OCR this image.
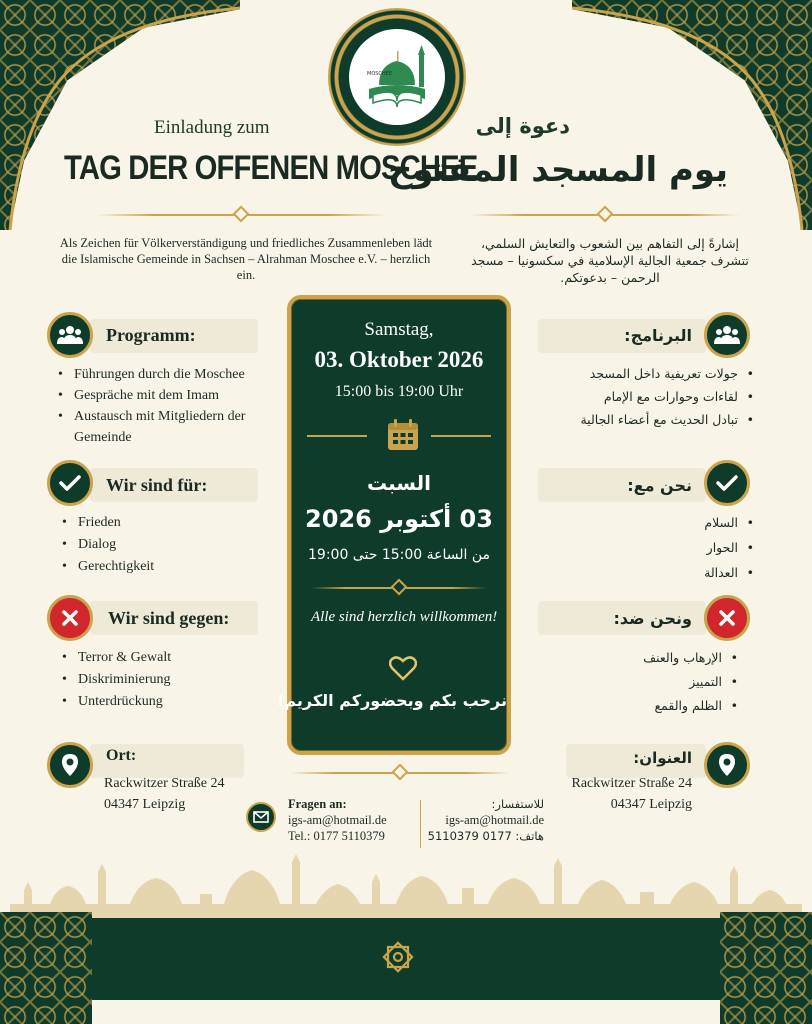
MOSCHEE
Einladung zum	دعوة إلى
TAG DER OFFENEN MOSCHEE
يوم المسجد المفتوح
Als Zeichen für Völkerverständigung und friedliches Zusammenleben lädt die Islamische Gemeinde in Sachsen – Alrahman Moschee e.V. – herzlich ein.
إشارةً إلى التفاهم بين الشعوب والتعايش السلمي، تتشرف جمعية الجالية الإسلامية في سكسونيا – مسجد الرحمن – بدعوتكم.
Programm:
• Führungen durch die Moschee
• Gespräche mit dem Imam
• Austausch mit Mitgliedern der Gemeinde
Wir sind für:
• Frieden
• Dialog
• Gerechtigkeit
Wir sind gegen:
• Terror & Gewalt
• Diskriminierung
• Unterdrückung
Ort:
Rackwitzer Straße 24
04347 Leipzig
البرنامج:
• جولات تعريفية داخل المسجد
• لقاءات وحوارات مع الإمام
• تبادل الحديث مع أعضاء الجالية
نحن مع:
• السلام
• الحوار
• العدالة
ونحن ضد:
• الإرهاب والعنف
• التمييز
• الظلم والقمع
العنوان:
Rackwitzer Straße 24
04347 Leipzig
Samstag,
03. Oktober 2026
15:00 bis 19:00 Uhr
السبت
03 أكتوبر 2026
من الساعة 15:00 حتى 19:00
Alle sind herzlich willkommen!
نرحب بكم وبحضوركم الكريم!
Fragen an:
igs-am@hotmail.de
Tel.: 0177 5110379
للاستفسار:
igs-am@hotmail.de
هاتف: 0177 5110379
